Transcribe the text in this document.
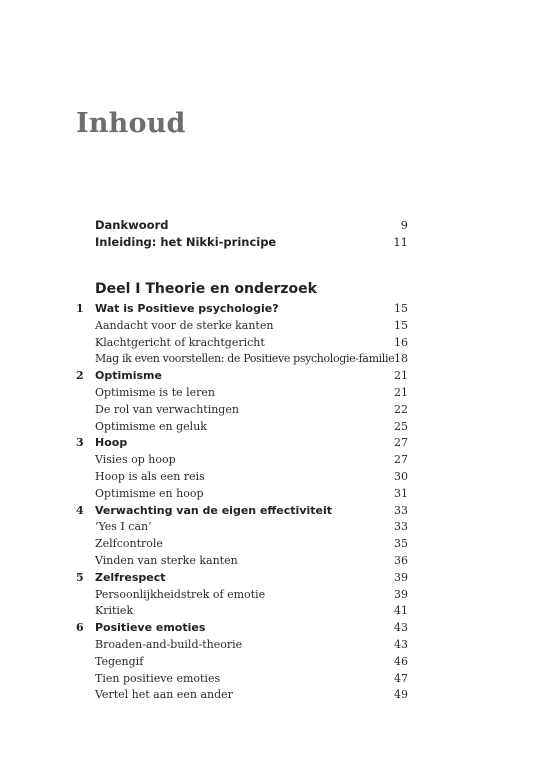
Inhoud
Dankwoord	9
Inleiding: het Nikki-principe	11
Deel I Theorie en onderzoek
1 Wat is Positieve psychologie?	15
Aandacht voor de sterke kanten	15
Klachtgericht of krachtgericht	16
Mag ik even voorstellen: de Positieve psychologie-familie 18
2 Optimisme	21
Optimisme is te leren	21
De rol van verwachtingen	22
Optimisme en geluk	25
3 Hoop	27
Visies op hoop	27
Hoop is als een reis	30
Optimisme en hoop	31
4 Verwachting van de eigen effectiviteit	33
‘Yes I can’	33
Zelfcontrole	35
Vinden van sterke kanten	36
5 Zelfrespect	39
Persoonlijkheidstrek of emotie	39
Kritiek	41
6 Positieve emoties	43
Broaden-and-build-theorie	43
Tegengif	46
Tien positieve emoties	47
Vertel het aan een ander	49
